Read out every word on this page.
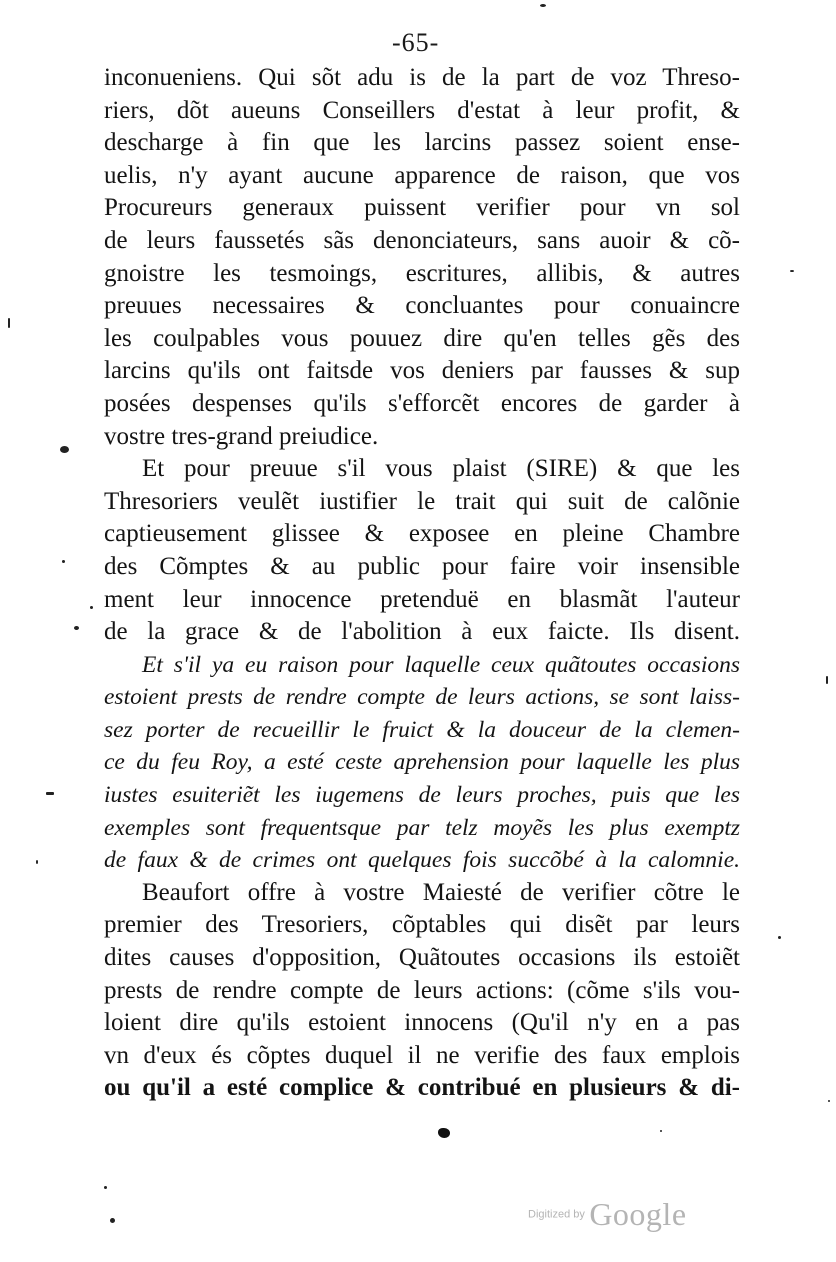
-65-
inconueniens. Qui sõt adu is de la part de voz Threso-
riers, dõt aueuns Conseillers d'estat à leur profit, &
descharge à fin que les larcins passez soient ense-
uelis, n'y ayant aucune apparence de raison, que vos
Procureurs generaux puissent verifier pour vn sol
de leurs faussetés sãs denonciateurs, sans auoir & cõ-
gnoistre les tesmoings, escritures, allibis, & autres
preuues necessaires & concluantes pour conuaincre
les coulpables vous pouuez dire qu'en telles gẽs des
larcins qu'ils ont faitsde vos deniers par fausses & sup
posées despenses qu'ils s'efforcẽt encores de garder à
vostre tres-grand preiudice.
Et pour preuue s'il vous plaist (SIRE) & que les
Thresoriers veulẽt iustifier le trait qui suit de calõnie
captieusement glissee & exposee en pleine Chambre
des Cõmptes & au public pour faire voir insensible
ment leur innocence pretenduë en blasmãt l'auteur
de la grace & de l'abolition à eux faicte. Ils disent.
Et s'il ya eu raison pour laquelle ceux quãtoutes occasions
estoient prests de rendre compte de leurs actions, se sont laiss-
sez porter de recueillir le fruict & la douceur de la clemen-
ce du feu Roy, a esté ceste aprehension pour laquelle les plus
iustes esuiteriẽt les iugemens de leurs proches, puis que les
exemples sont frequentsque par telz moyẽs les plus exemptz
de faux & de crimes ont quelques fois succõbé à la calomnie.
Beaufort offre à vostre Maiesté de verifier cõtre le
premier des Tresoriers, cõptables qui disẽt par leurs
dites causes d'opposition, Quãtoutes occasions ils estoiẽt
prests de rendre compte de leurs actions: (cõme s'ils vou-
loient dire qu'ils estoient innocens (Qu'il n'y en a pas
vn d'eux és cõptes duquel il ne verifie des faux emplois
ou qu'il a esté complice & contribué en plusieurs & di-
Digitized by Google
